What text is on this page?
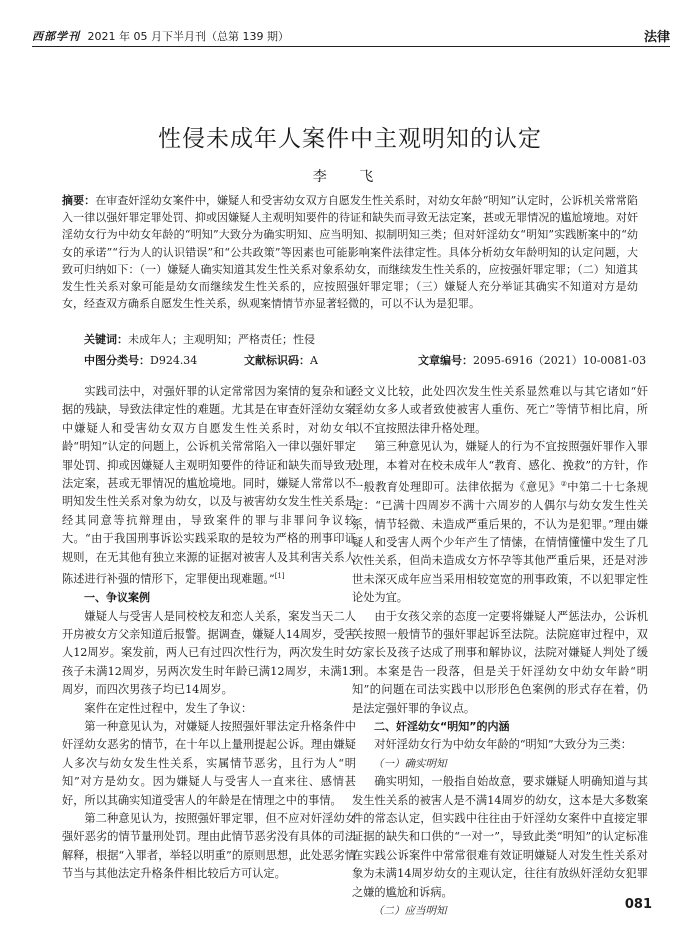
西部学刊 2021 年 05 月下半月刊（总第 139 期）	法律
性侵未成年人案件中主观明知的认定
李 飞
摘要：在审查奸淫幼女案件中，嫌疑人和受害幼女双方自愿发生性关系时，对幼女年龄“明知”认定时，公诉机关常常陷入一律以强奸罪定罪处罚、抑或因嫌疑人主观明知要件的待证和缺失而寻致无法定案，甚或无罪情况的尴尬境地。对奸淫幼女行为中幼女年龄的“明知”大致分为确实明知、应当明知、拟制明知三类；但对奸淫幼女“明知”实践断案中的“幼女的承诺”“行为人的认识错误”和“公共政策”等因素也可能影响案件法律定性。具体分析幼女年龄明知的认定问题，大致可归纳如下：（一）嫌疑人确实知道其发生性关系对象系幼女，而继续发生性关系的，应按强奸罪定罪；（二）知道其发生性关系对象可能是幼女而继续发生性关系的，应按照强奸罪定罪；（三）嫌疑人充分举证其确实不知道对方是幼女，经查双方确系自愿发生性关系，纵观案情情节亦显著轻微的，可以不认为是犯罪。
关键词：未成年人；主观明知；严格责任；性侵
中图分类号：D924.34	文献标识码：A	文章编号：2095-6916（2021）10-0081-03

实践司法中，对强奸罪的认定常常因为案情的复杂和证据的残缺，导致法律定性的难题。尤其是在审查奸淫幼女案中嫌疑人和受害幼女双方自愿发生性关系时，对幼女年龄“明知”认定的问题上，公诉机关常常陷入一律以强奸罪定罪处罚、抑或因嫌疑人主观明知要件的待证和缺失而导致无法定案，甚或无罪情况的尴尬境地。同时，嫌疑人常常以不明知发生性关系对象为幼女，以及与被害幼女发生性关系是经其同意等抗辩理由，导致案件的罪与非罪问争议较大。“由于我国刑事诉讼实践采取的是较为严格的刑事印证规则，在无其他有独立来源的证据对被害人及其利害关系人陈述进行补强的情形下，定罪便出现难题。”[1]

一、争议案例

嫌疑人与受害人是同校校友和恋人关系，案发当天二人开房被女方父亲知道后报警。据调查，嫌疑人14周岁，受害人12周岁。案发前，两人已有过四次性行为，两次发生时女孩子未满12周岁，另两次发生时年龄已满12周岁，未满13周岁，而四次男孩子均已14周岁。

案件在定性过程中，发生了争议：

第一种意见认为，对嫌疑人按照强奸罪法定升格条件中奸淫幼女恶劣的情节，在十年以上量刑提起公诉。理由嫌疑人多次与幼女发生性关系，实属情节恶劣，且行为人“明知”对方是幼女。因为嫌疑人与受害人一直来往、感情甚好，所以其确实知道受害人的年龄是在情理之中的事情。

第二种意见认为，按照强奸罪定罪，但不应对奸淫幼女强奸恶劣的情节量刑处罚。理由此情节恶劣没有具体的司法解释，根据“入罪者，举轻以明重”的原则思想，此处恶劣情节当与其他法定升格条件相比较后方可认定。

经文义比较，此处四次发生性关系显然难以与其它诸如“奸淫幼女多人或者致使被害人重伤、死亡”等情节相比肩，所以不宜按照法律升格处理。

第三种意见认为，嫌疑人的行为不宜按照强奸罪作入罪处理，本着对在校未成年人“教育、感化、挽救”的方针，作一般教育处理即可。法律依据为《意见》②中第二十七条规定：“已满十四周岁不满十六周岁的人偶尔与幼女发生性关系，情节轻微、未造成严重后果的，不认为是犯罪。”理由嫌疑人和受害人两个少年产生了情愫，在情情懂懂中发生了几次性关系，但尚未造成女方怀孕等其他严重后果，还是对涉世未深灭成年应当采用相较宽宽的刑事政策，不以犯罪定性论处为宜。

由于女孩父亲的态度一定要将嫌疑人严惩法办，公诉机关按照一般情节的强奸罪起诉至法院。法院庭审过程中，双方家长及孩子达成了刑事和解协议，法院对嫌疑人判处了缓刑。本案是告一段落，但是关于奸淫幼女中幼女年龄“明知”的问题在司法实践中以形形色色案例的形式存在着，仍是法定强奸罪的争议点。

二、奸淫幼女“明知”的内涵

对奸淫幼女行为中幼女年龄的“明知”大致分为三类：

（一）确实明知

确实明知，一般指自始故意，要求嫌疑人明确知道与其发生性关系的被害人是不满14周岁的幼女，这本是大多数案件的常态认定，但实践中往往由于奸淫幼女案件中直接定罪证据的缺失和口供的“一对一”，导致此类“明知”的认定标准在实践公诉案件中常常很难有效证明嫌疑人对发生性关系对象为未满14周岁幼女的主观认定，往往有放纵奸淫幼女犯罪之嫌的尴尬和诉病。

（二）应当明知	081
